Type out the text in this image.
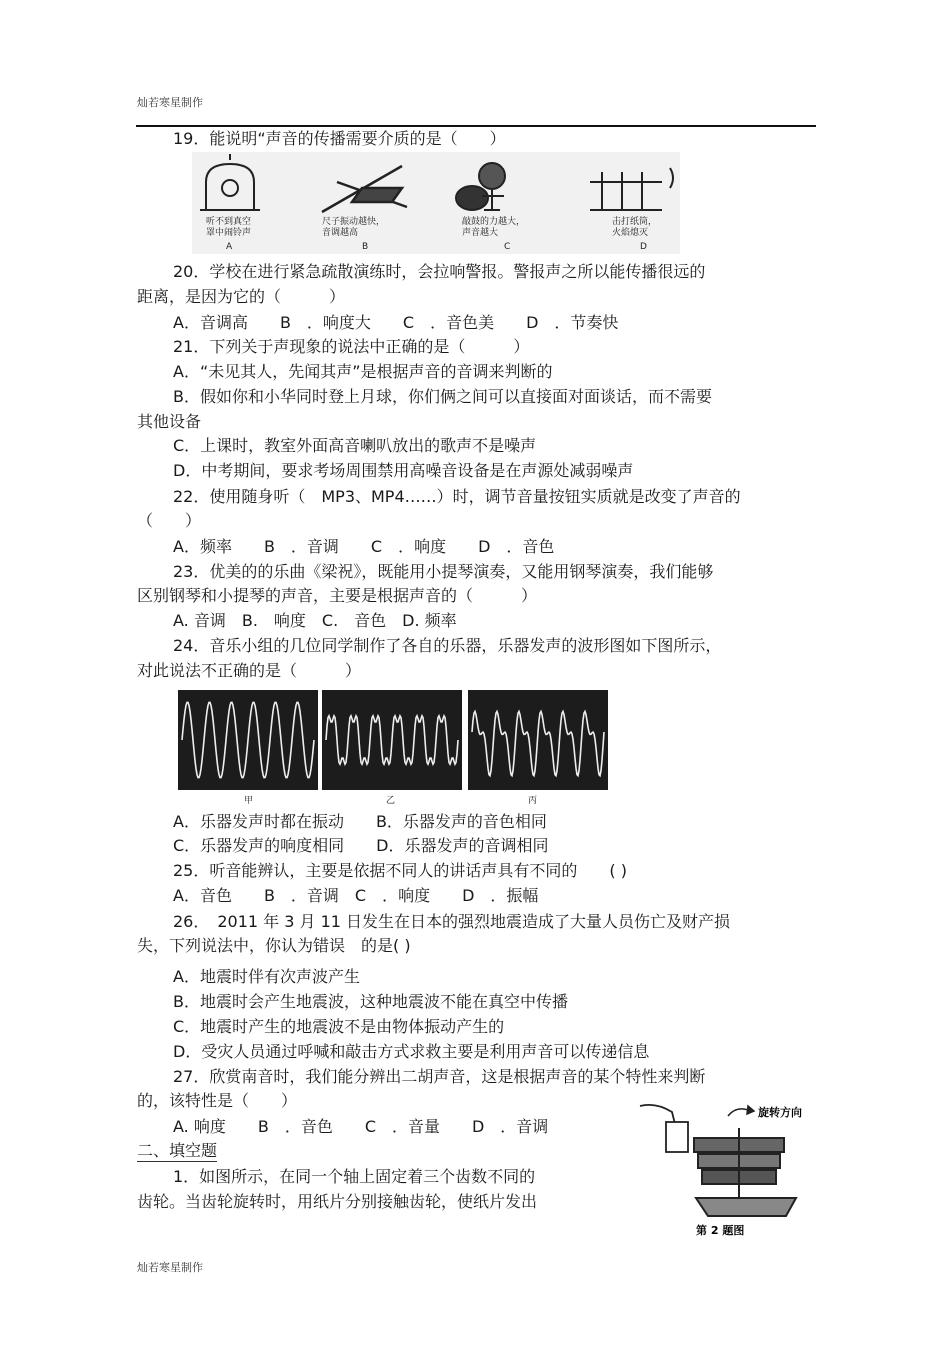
灿若寒星制作
19．能说明“声音的传播需要介质的是（　　）
听不到真空
罩中闹铃声
尺子振动越快，
音调越高
敲鼓的力越大，
声音越大
击打纸筒，
火焰熄灭
A	B	C	D
20．学校在进行紧急疏散演练时，会拉响警报。警报声之所以能传播很远的
距离，是因为它的（　　　）
A．音调高　　B　．响度大　　C　．音色美　　D　．节奏快
21．下列关于声现象的说法中正确的是（　　　）
A．“未见其人，先闻其声”是根据声音的音调来判断的
B．假如你和小华同时登上月球，你们俩之间可以直接面对面谈话，而不需要
其他设备
C．上课时，教室外面高音喇叭放出的歌声不是噪声
D．中考期间，要求考场周围禁用高噪音设备是在声源处减弱噪声
22．使用随身听（　MP3、MP4……）时，调节音量按钮实质就是改变了声音的
（　　）
A．频率　　B　．音调　　C　．响度　　D　．音色
23．优美的的乐曲《梁祝》，既能用小提琴演奏，又能用钢琴演奏，我们能够
区别钢琴和小提琴的声音，主要是根据声音的（　　　）
A. 音调　B.　响度　C.　音色　D. 频率
24．音乐小组的几位同学制作了各自的乐器，乐器发声的波形图如下图所示，
对此说法不正确的是（　　　）
甲	乙	丙
A．乐器发声时都在振动　　B．乐器发声的音色相同
C．乐器发声的响度相同　　D．乐器发声的音调相同
25．听音能辨认，主要是依据不同人的讲话声具有不同的　　( )
A．音色　　B　．音调　C　．响度　　D　．振幅
26．　2011 年 3 月 11 日发生在日本的强烈地震造成了大量人员伤亡及财产损
失，下列说法中，你认为错误　的是( )
A．地震时伴有次声波产生
B．地震时会产生地震波，这种地震波不能在真空中传播
C．地震时产生的地震波不是由物体振动产生的
D．受灾人员通过呼喊和敲击方式求救主要是利用声音可以传递信息
27．欣赏南音时，我们能分辨出二胡声音，这是根据声音的某个特性来判断
的，该特性是（　　）
A. 响度　　B　．音色　　C　．音量　　D　．音调
二、填空题
1．如图所示，在同一个轴上固定着三个齿数不同的
齿轮。当齿轮旋转时，用纸片分别接触齿轮，使纸片发出
旋转方向
第 2 题图
灿若寒星制作
